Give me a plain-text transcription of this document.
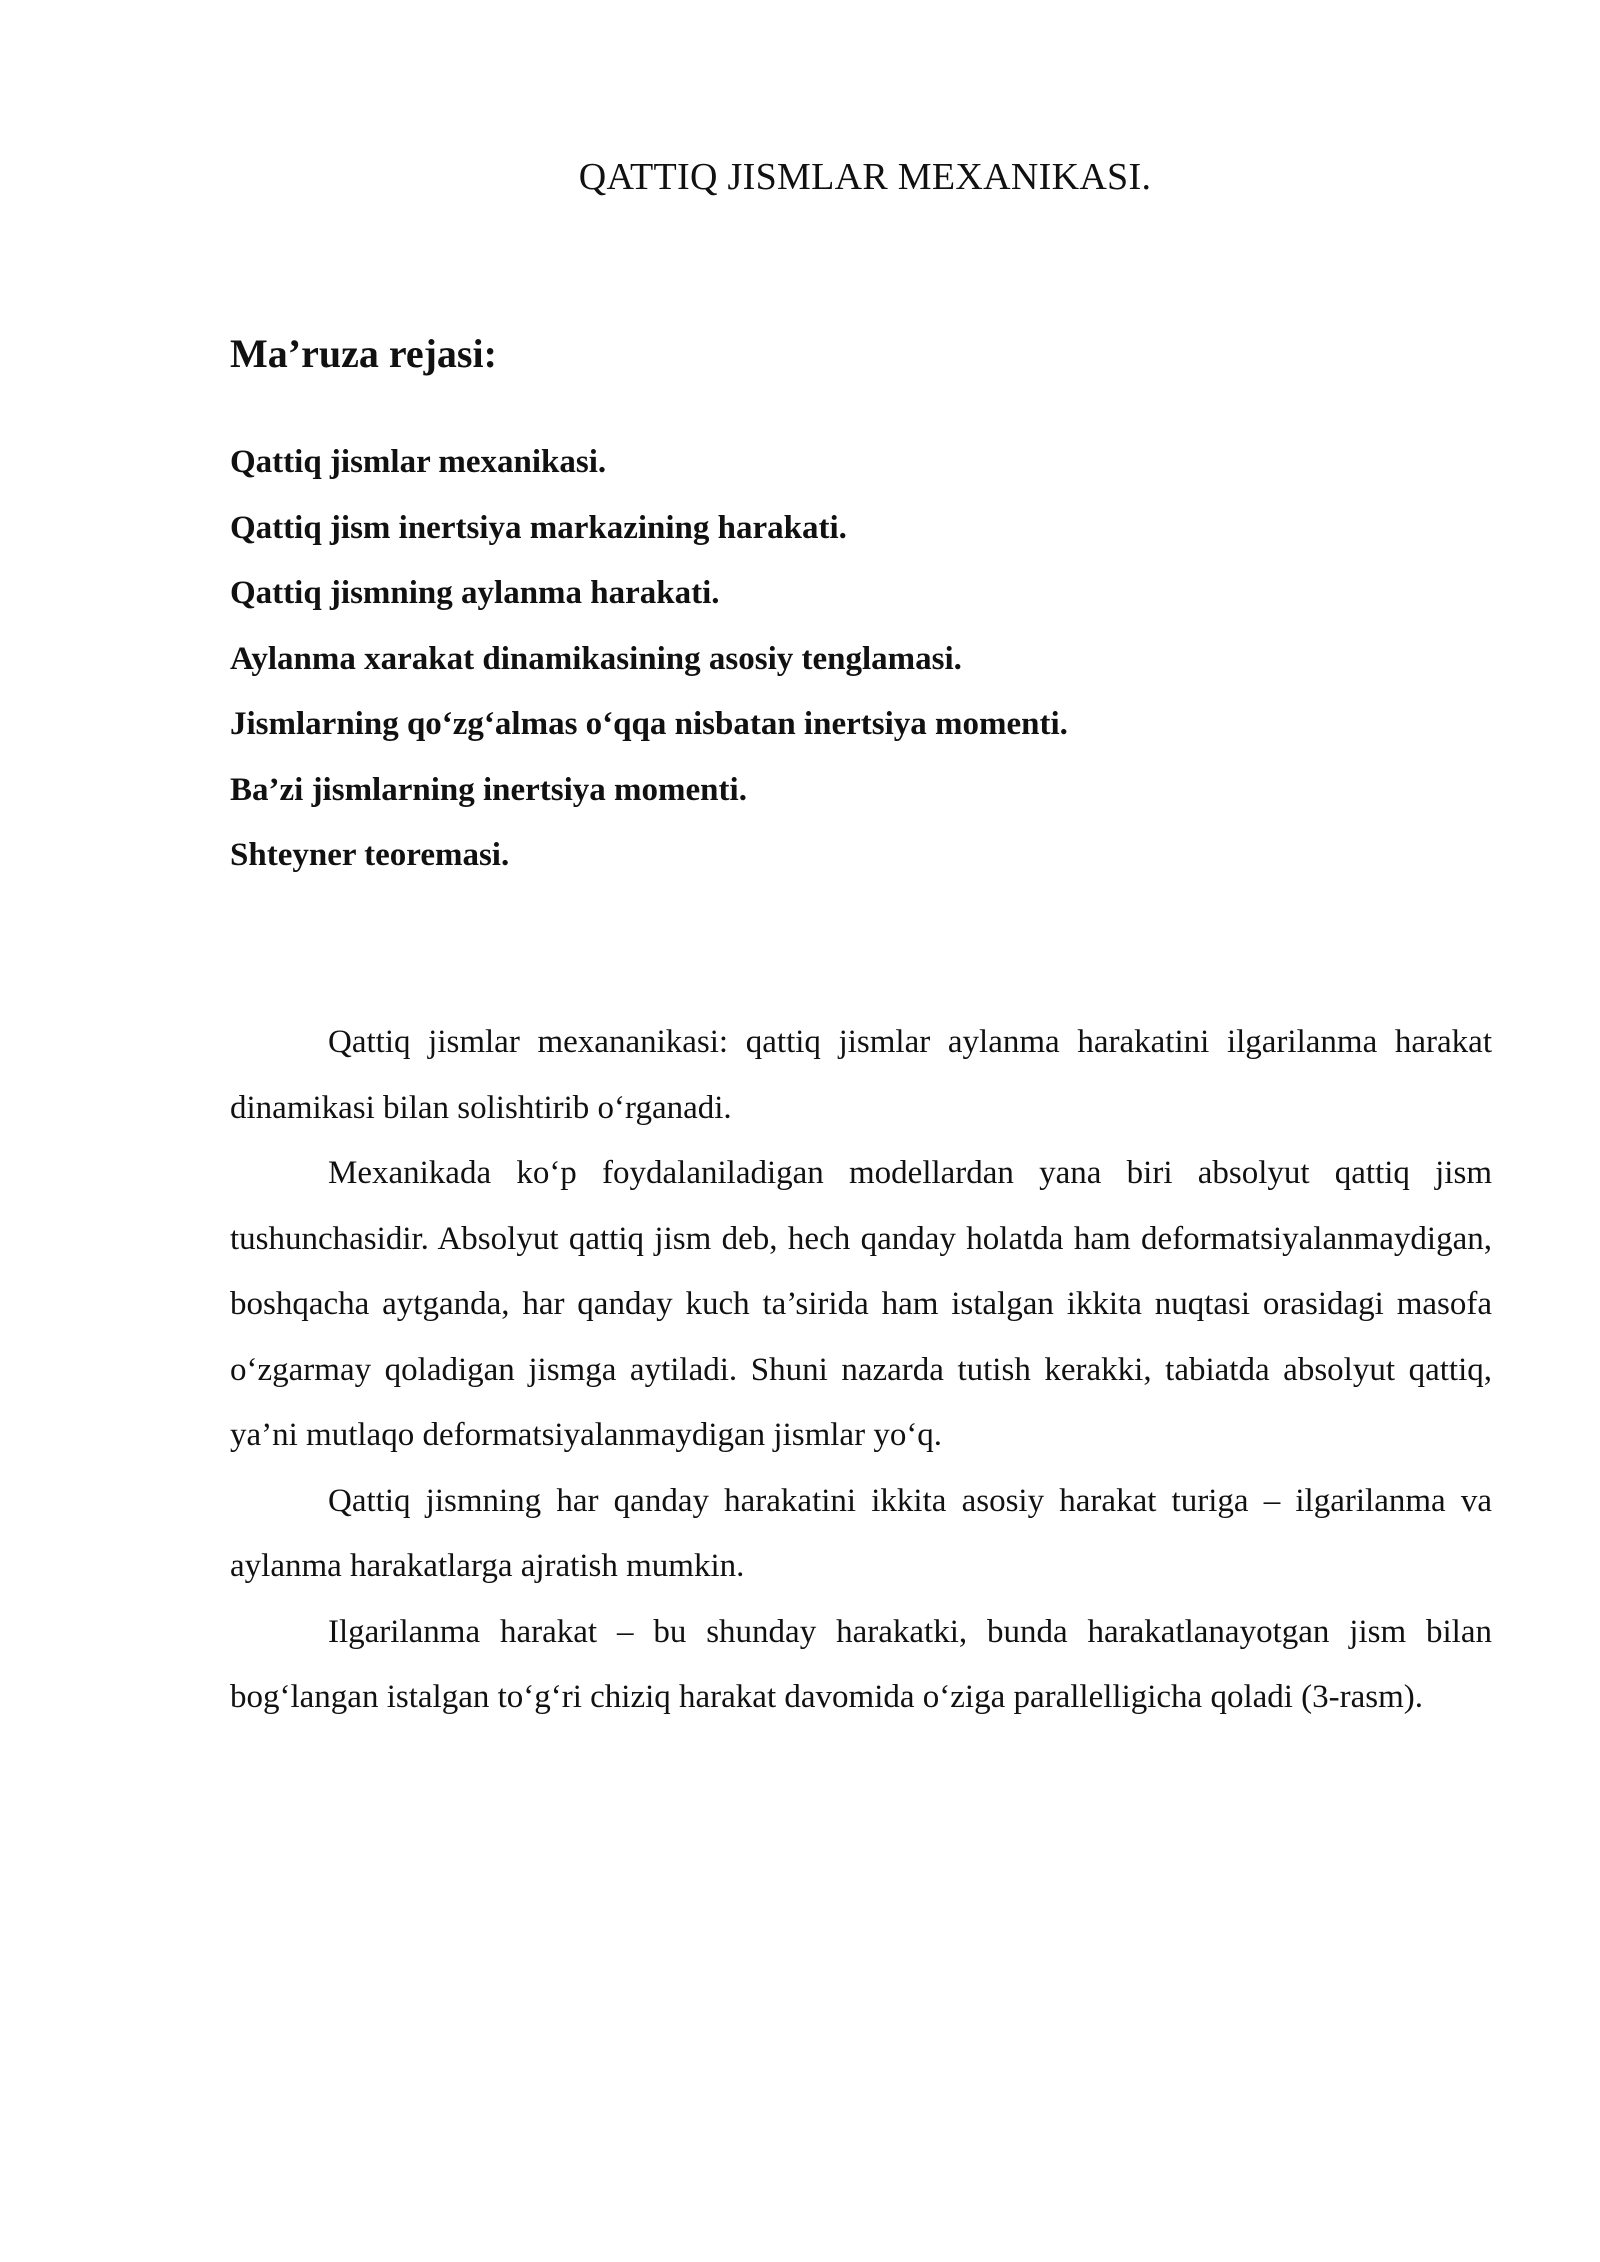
QATTIQ JISMLAR MEXANIKASI.
Ma’ruza rejasi:
Qattiq jismlar mexanikasi.
Qattiq jism inertsiya markazining harakati.
Qattiq jismning aylanma harakati.
Aylanma xarakat dinamikasining asosiy tenglamasi.
Jismlarning qo‘zg‘almas o‘qqa nisbatan inertsiya momenti.
Ba’zi jismlarning inertsiya momenti.
Shteyner teoremasi.

Qattiq jismlar mexananikasi: qattiq jismlar aylanma harakatini ilgarilanma harakat dinamikasi bilan solishtirib o‘rganadi.

Mexanikada ko‘p foydalaniladigan modellardan yana biri absolyut qattiq jism tushunchasidir. Absolyut qattiq jism deb, hech qanday holatda ham deformatsiyalanmaydigan, boshqacha aytganda, har qanday kuch ta’sirida ham istalgan ikkita nuqtasi orasidagi masofa o‘zgarmay qoladigan jismga aytiladi. Shuni nazarda tutish kerakki, tabiatda absolyut qattiq, ya’ni mutlaqo deformatsiyalanmaydigan jismlar yo‘q.

Qattiq jismning har qanday harakatini ikkita asosiy harakat turiga – ilgarilanma va aylanma harakatlarga ajratish mumkin.

Ilgarilanma harakat – bu shunday harakatki, bunda harakatlanayotgan jism bilan bog‘langan istalgan to‘g‘ri chiziq harakat davomida o‘ziga parallelligicha qoladi (3-rasm).
